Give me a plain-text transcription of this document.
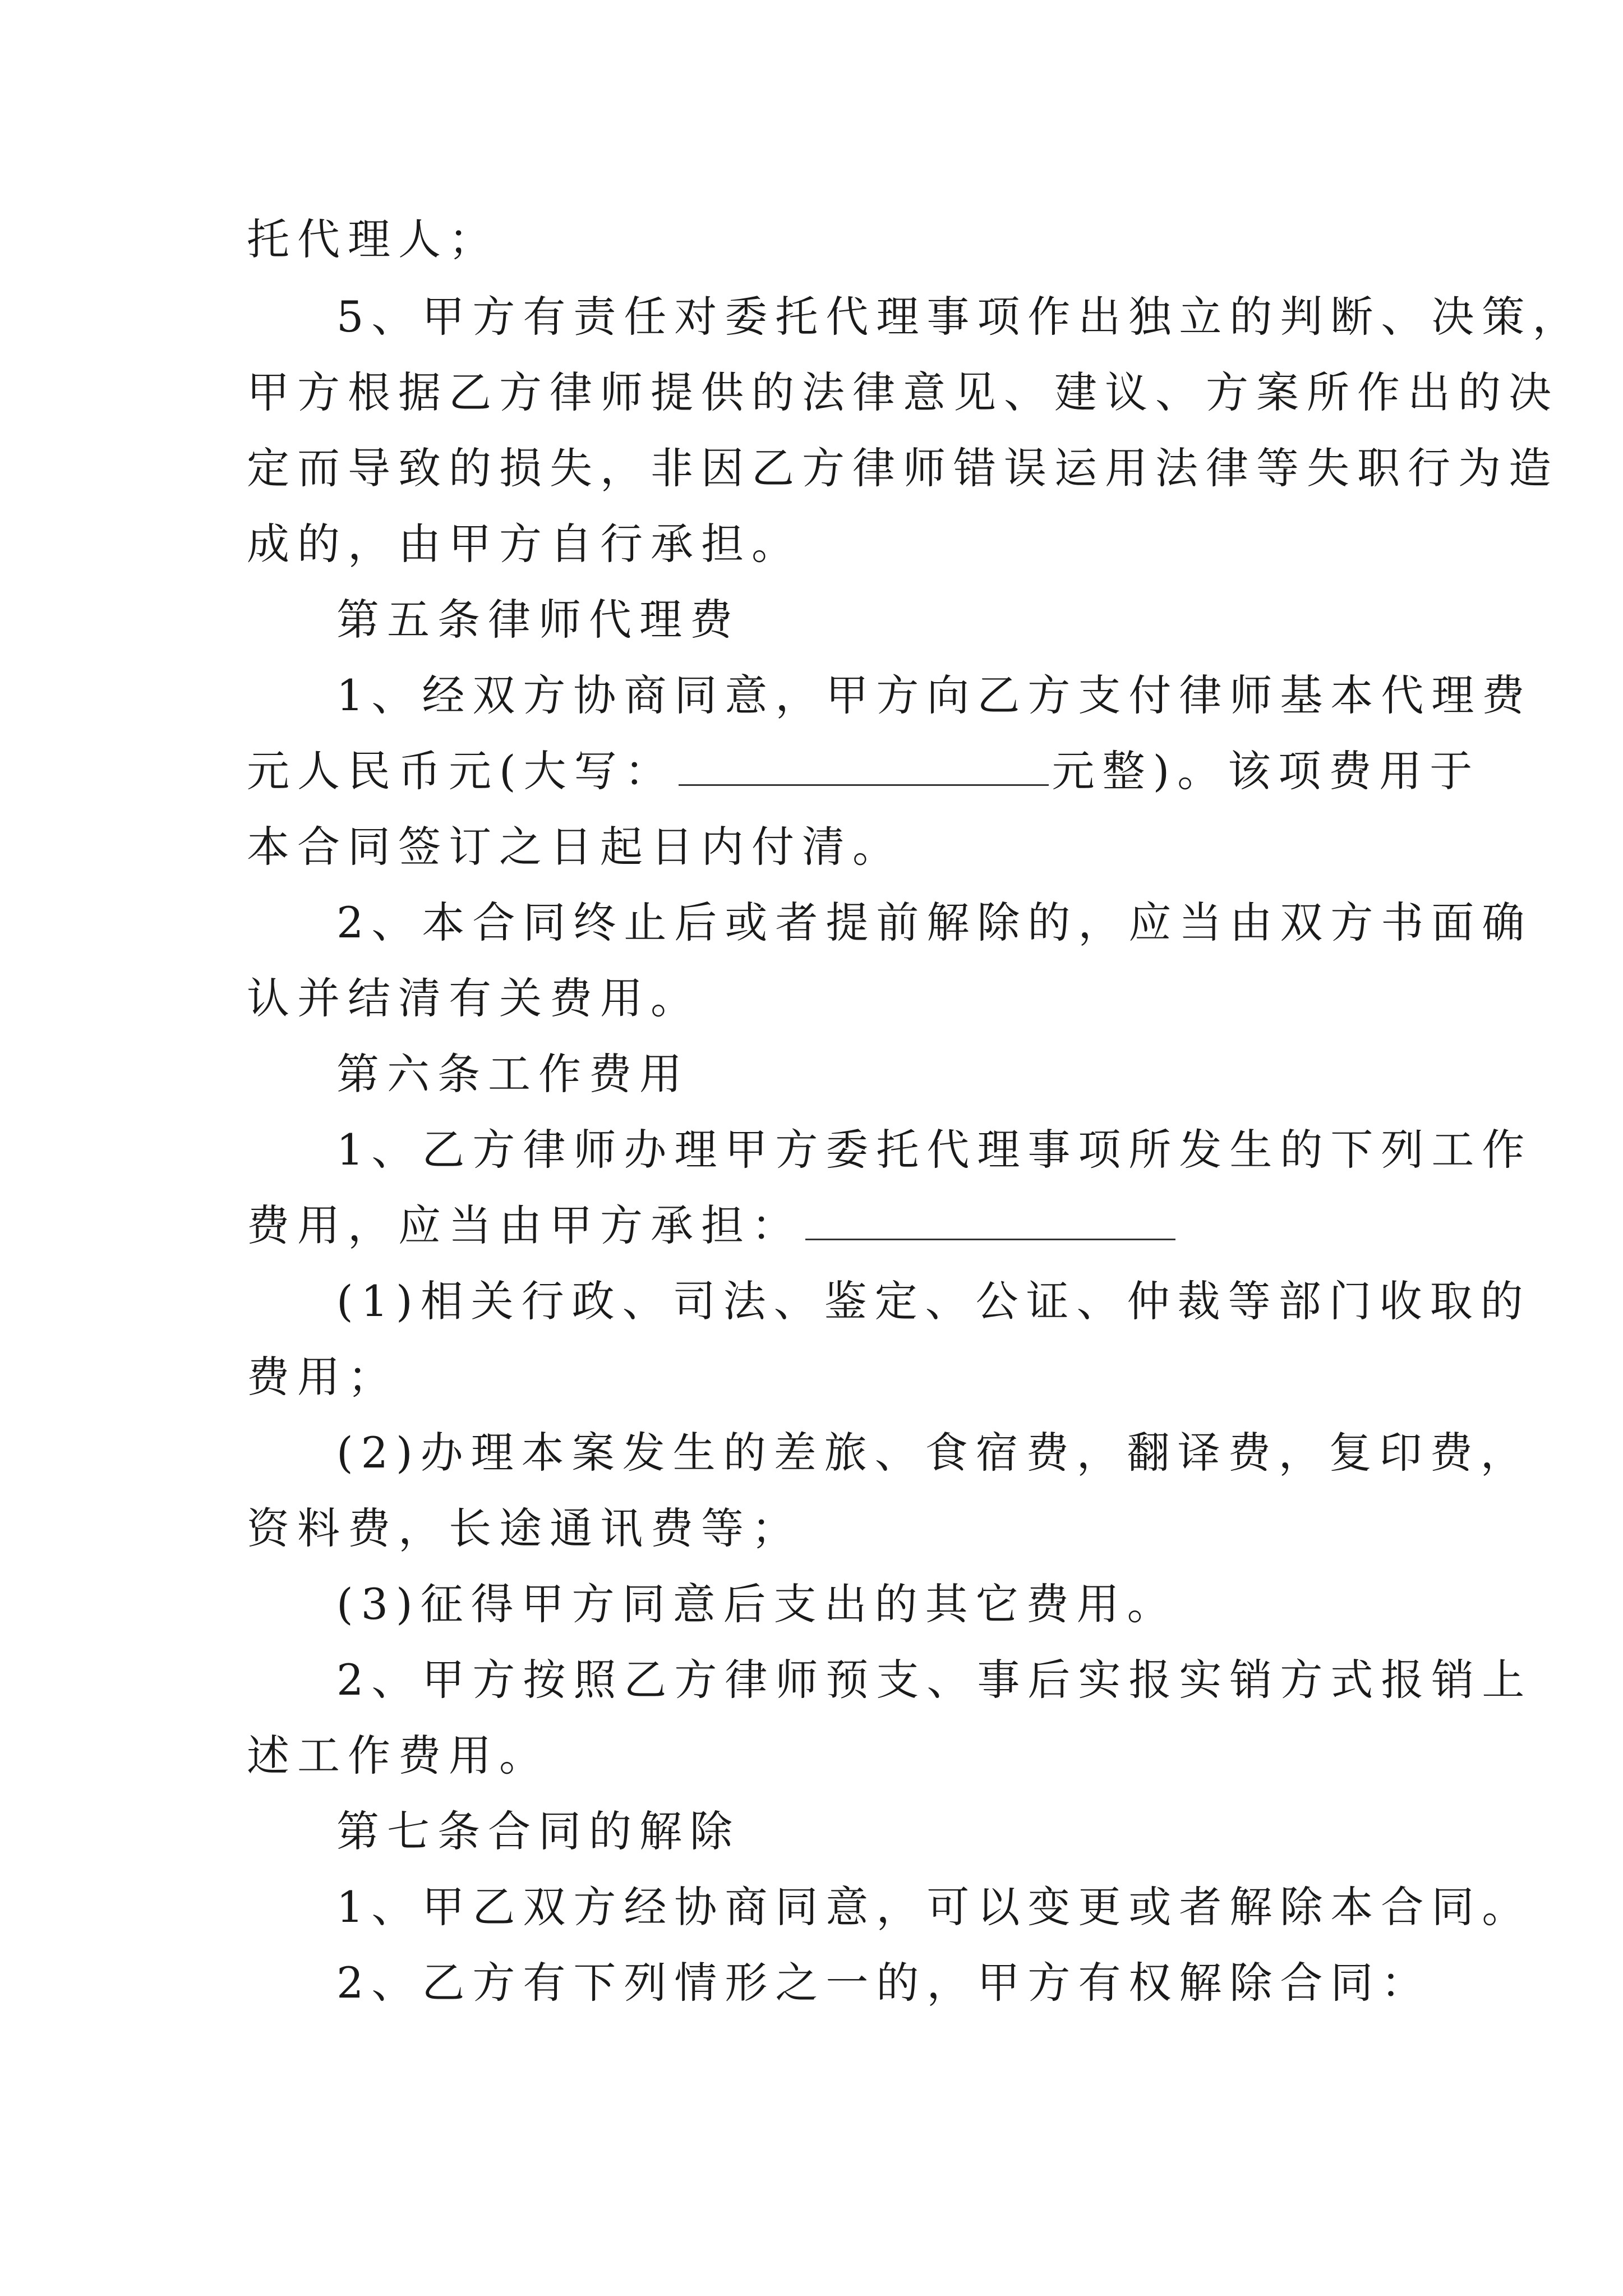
托代理人；

5、甲方有责任对委托代理事项作出独立的判断、决策，

甲方根据乙方律师提供的法律意见、建议、方案所作出的决

定而导致的损失，非因乙方律师错误运用法律等失职行为造

成的，由甲方自行承担。

第五条律师代理费

1、经双方协商同意，甲方向乙方支付律师基本代理费

元人民币元(大写：	元整)。该项费用于

本合同签订之日起日内付清。

2、本合同终止后或者提前解除的，应当由双方书面确

认并结清有关费用。

第六条工作费用

1、乙方律师办理甲方委托代理事项所发生的下列工作

费用，应当由甲方承担：

(1)相关行政、司法、鉴定、公证、仲裁等部门收取的

费用；

(2)办理本案发生的差旅、食宿费，翻译费，复印费，

资料费，长途通讯费等；

(3)征得甲方同意后支出的其它费用。

2、甲方按照乙方律师预支、事后实报实销方式报销上

述工作费用。

第七条合同的解除

1、甲乙双方经协商同意，可以变更或者解除本合同。

2、乙方有下列情形之一的，甲方有权解除合同：
